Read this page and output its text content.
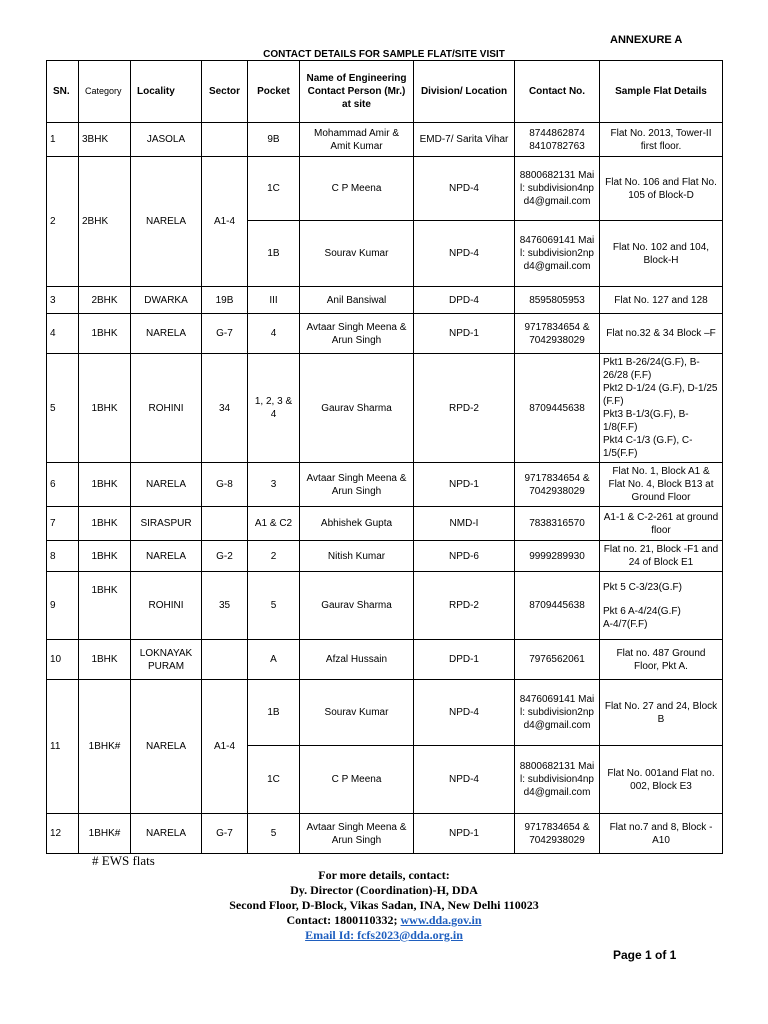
ANNEXURE A
CONTACT DETAILS FOR SAMPLE FLAT/SITE VISIT
SN.	Category	Locality	Sector	Pocket	Name of Engineering Contact Person (Mr.) at site	Division/ Location	Contact No.	Sample Flat Details
1	3BHK	JASOLA		9B	Mohammad Amir & Amit Kumar	EMD-7/ Sarita Vihar	8744862874 8410782763	Flat No. 2013, Tower-II first floor.
2	2BHK	NARELA	A1-4	1C	C P Meena	NPD-4	8800682131 Mail: subdivision4npd4@gmail.com	Flat No. 106 and Flat No. 105 of Block-D
				1B	Sourav Kumar	NPD-4	8476069141 Mail: subdivision2npd4@gmail.com	Flat No. 102 and 104, Block-H
3	2BHK	DWARKA	19B	III	Anil Bansiwal	DPD-4	8595805953	Flat No. 127 and 128
4	1BHK	NARELA	G-7	4	Avtaar Singh Meena & Arun Singh	NPD-1	9717834654 & 7042938029	Flat no.32 & 34 Block –F
5	1BHK	ROHINI	34	1, 2, 3 & 4	Gaurav Sharma	RPD-2	8709445638	Pkt1 B-26/24(G.F), B-26/28 (F.F)
Pkt2 D-1/24 (G.F), D-1/25 (F.F)
Pkt3 B-1/3(G.F), B-1/8(F.F)
Pkt4 C-1/3 (G.F), C-1/5(F.F)

6	1BHK	NARELA	G-8	3	Avtaar Singh Meena & Arun Singh	NPD-1	9717834654 & 7042938029	Flat No. 1, Block A1 & Flat No. 4, Block B13 at Ground Floor
7	1BHK	SIRASPUR		A1 & C2	Abhishek Gupta	NMD-I	7838316570	A1-1 & C-2-261 at ground floor
8	1BHK	NARELA	G-2	2	Nitish Kumar	NPD-6	9999289930	Flat no. 21, Block -F1 and 24 of Block E1
9	1BHK	ROHINI	35	5	Gaurav Sharma	RPD-2	8709445638	Pkt 5 C-3/23(G.F)
Pkt 6 A-4/24(G.F)
A-4/7(F.F)

10	1BHK	LOKNAYAK PURAM		A	Afzal Hussain	DPD-1	7976562061	Flat no. 487 Ground Floor, Pkt A.
11	1BHK#	NARELA	A1-4	1B	Sourav Kumar	NPD-4	8476069141 Mail: subdivision2npd4@gmail.com	Flat No. 27 and 24, Block B
				1C	C P Meena	NPD-4	8800682131 Mail: subdivision4npd4@gmail.com	Flat No. 001and Flat no. 002, Block E3
12	1BHK#	NARELA	G-7	5	Avtaar Singh Meena & Arun Singh	NPD-1	9717834654 & 7042938029	Flat no.7 and 8, Block -A10
# EWS flats
For more details, contact:
Dy. Director (Coordination)-H, DDA
Second Floor, D-Block, Vikas Sadan, INA, New Delhi 110023
Contact: 1800110332; www.dda.gov.in
Email Id: fcfs2023@dda.org.in
Page 1 of 1
